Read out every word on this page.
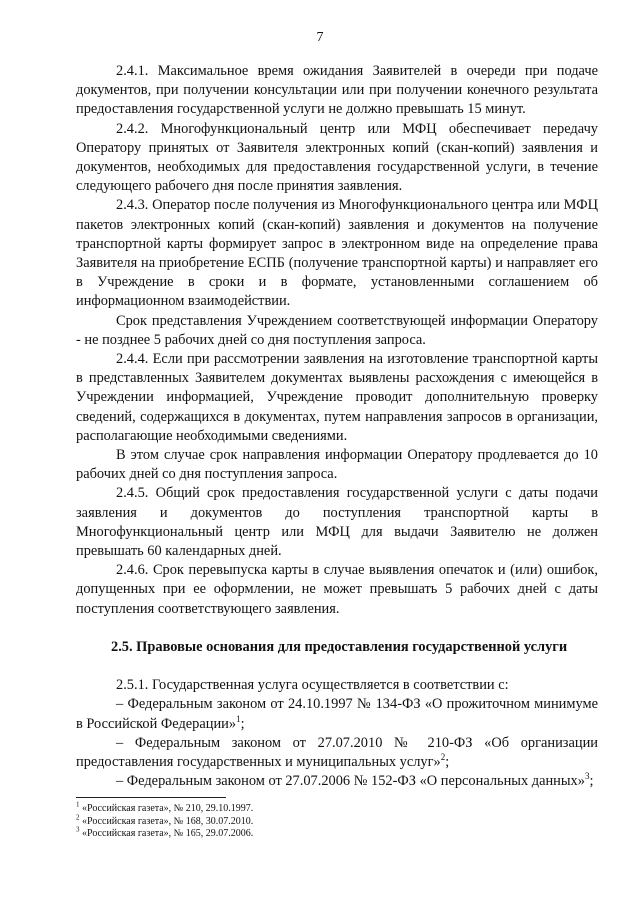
7

2.4.1. Максимальное время ожидания Заявителей в очереди при подаче документов, при получении консультации или при получении конечного результата предоставления государственной услуги не должно превышать 15 минут.

2.4.2. Многофункциональный центр или МФЦ обеспечивает передачу Оператору принятых от Заявителя электронных копий (скан-копий) заявления и документов, необходимых для предоставления государственной услуги, в течение следующего рабочего дня после принятия заявления.

2.4.3. Оператор после получения из Многофункционального центра или МФЦ пакетов электронных копий (скан-копий) заявления и документов на получение транспортной карты формирует запрос в электронном виде на определение права Заявителя на приобретение ЕСПБ (получение транспортной карты) и направляет его в Учреждение в сроки и в формате, установленными соглашением об информационном взаимодействии.

Срок представления Учреждением соответствующей информации Оператору - не позднее 5 рабочих дней со дня поступления запроса.

2.4.4. Если при рассмотрении заявления на изготовление транспортной карты в представленных Заявителем документах выявлены расхождения с имеющейся в Учреждении информацией, Учреждение проводит дополнительную проверку сведений, содержащихся в документах, путем направления запросов в организации, располагающие необходимыми сведениями.

В этом случае срок направления информации Оператору продлевается до 10 рабочих дней со дня поступления запроса.

2.4.5. Общий срок предоставления государственной услуги с даты подачи заявления и документов до поступления транспортной карты в Многофункциональный центр или МФЦ для выдачи Заявителю не должен превышать 60 календарных дней.

2.4.6. Срок перевыпуска карты в случае выявления опечаток и (или) ошибок, допущенных при ее оформлении, не может превышать 5 рабочих дней с даты поступления соответствующего заявления.

2.5. Правовые основания для предоставления государственной услуги

2.5.1. Государственная услуга осуществляется в соответствии с:

– Федеральным законом от 24.10.1997 № 134-ФЗ «О прожиточном минимуме в Российской Федерации»$^1$;

– Федеральным законом от 27.07.2010 № 210-ФЗ «Об организации предоставления государственных и муниципальных услуг»$^2$;

– Федеральным законом от 27.07.2006 № 152-ФЗ «О персональных данных»$^3$;

$^1$ «Российская газета», № 210, 29.10.1997.
$^2$ «Российская газета», № 168, 30.07.2010.
$^3$ «Российская газета», № 165, 29.07.2006.
